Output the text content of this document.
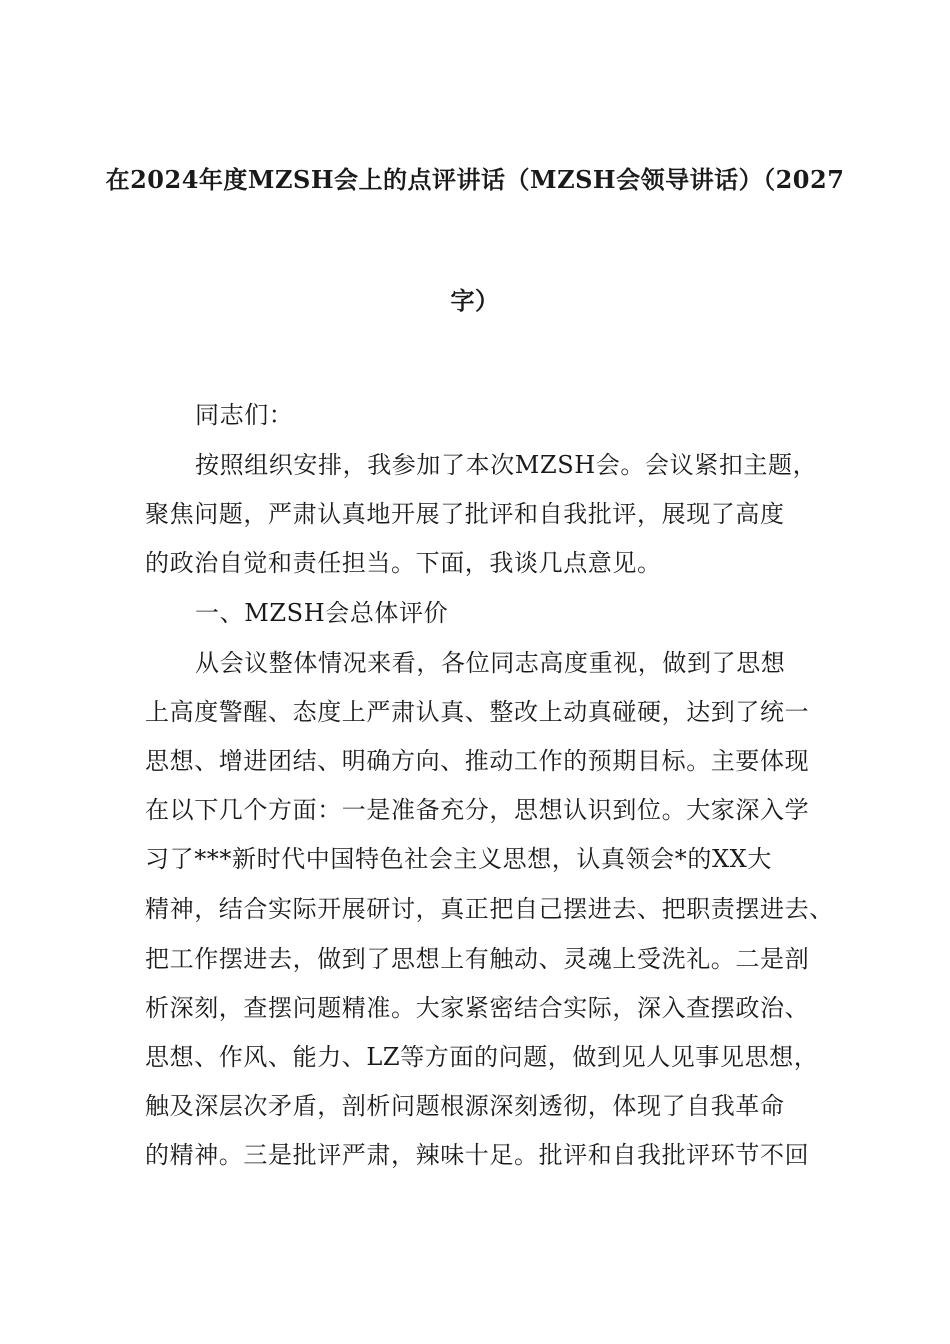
在2024年度MZSH会上的点评讲话（MZSH会领导讲话）（2027
字）
同志们：
按照组织安排，我参加了本次MZSH会。会议紧扣主题，
聚焦问题，严肃认真地开展了批评和自我批评，展现了高度
的政治自觉和责任担当。下面，我谈几点意见。
一、MZSH会总体评价
从会议整体情况来看，各位同志高度重视，做到了思想
上高度警醒、态度上严肃认真、整改上动真碰硬，达到了统一
思想、增进团结、明确方向、推动工作的预期目标。主要体现
在以下几个方面：一是准备充分，思想认识到位。大家深入学
习了***新时代中国特色社会主义思想，认真领会*的XX大
精神，结合实际开展研讨，真正把自己摆进去、把职责摆进去、
把工作摆进去，做到了思想上有触动、灵魂上受洗礼。二是剖
析深刻，查摆问题精准。大家紧密结合实际，深入查摆政治、
思想、作风、能力、LZ等方面的问题，做到见人见事见思想，
触及深层次矛盾，剖析问题根源深刻透彻，体现了自我革命
的精神。三是批评严肃，辣味十足。批评和自我批评环节不回
